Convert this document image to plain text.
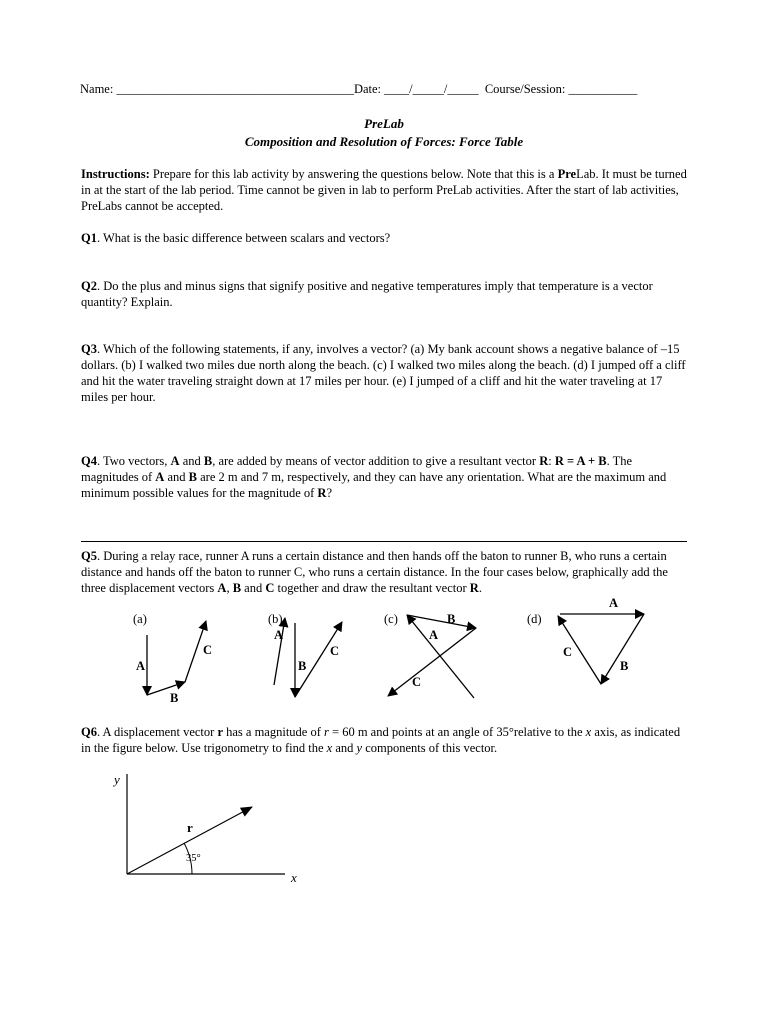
Name: ______________________________________Date: ____/_____/_____ Course/Session: ___________
PreLab
Composition and Resolution of Forces: Force Table

Instructions: Prepare for this lab activity by answering the questions below. Note that this is a PreLab. It must be turned in at the start of the lab period. Time cannot be given in lab to perform PreLab activities. After the start of lab activities, PreLabs cannot be accepted.

Q1. What is the basic difference between scalars and vectors?

Q2. Do the plus and minus signs that signify positive and negative temperatures imply that temperature is a vector quantity? Explain.

Q3. Which of the following statements, if any, involves a vector? (a) My bank account shows a negative balance of –15 dollars. (b) I walked two miles due north along the beach. (c) I walked two miles along the beach. (d) I jumped off a cliff and hit the water traveling straight down at 17 miles per hour. (e) I jumped of a cliff and hit the water traveling at 17 miles per hour.

Q4. Two vectors, A and B, are added by means of vector addition to give a resultant vector R: R = A + B. The magnitudes of A and B are 2 m and 7 m, respectively, and they can have any orientation. What are the maximum and minimum possible values for the magnitude of R?

Q5. During a relay race, runner A runs a certain distance and then hands off the baton to runner B, who runs a certain distance and hands off the baton to runner C, who runs a certain distance. In the four cases below, graphically add the three displacement vectors A, B and C together and draw the resultant vector R.

(a)
A
B
C
(b)
A
B
C
(c)	B
A
C
(d)
A
C
B

Q6. A displacement vector r has a magnitude of r = 60 m and points at an angle of 35°relative to the x axis, as indicated in the figure below. Use trigonometry to find the x and y components of this vector.

y
x
r
35°
